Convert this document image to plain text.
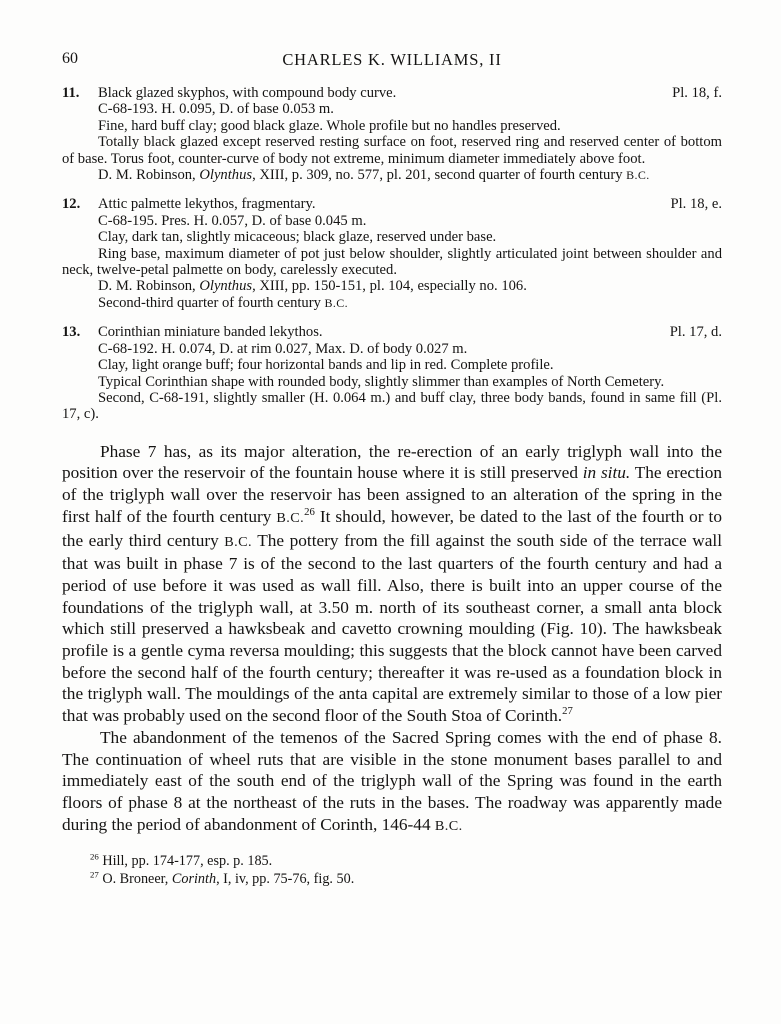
60	CHARLES K. WILLIAMS, II
11.	Black glazed skyphos, with compound body curve.	Pl. 18, f.

C-68-193. H. 0.095, D. of base 0.053 m.

Fine, hard buff clay; good black glaze. Whole profile but no handles preserved.

Totally black glazed except reserved resting surface on foot, reserved ring and reserved center of bottom of base. Torus foot, counter-curve of body not extreme, minimum diameter immediately above foot.

D. M. Robinson, Olynthus, XIII, p. 309, no. 577, pl. 201, second quarter of fourth century B.C.

12.	Attic palmette lekythos, fragmentary.	Pl. 18, e.

C-68-195. Pres. H. 0.057, D. of base 0.045 m.

Clay, dark tan, slightly micaceous; black glaze, reserved under base.

Ring base, maximum diameter of pot just below shoulder, slightly articulated joint between shoulder and neck, twelve-petal palmette on body, carelessly executed.

D. M. Robinson, Olynthus, XIII, pp. 150-151, pl. 104, especially no. 106.

Second-third quarter of fourth century B.C.

13.	Corinthian miniature banded lekythos.	Pl. 17, d.

C-68-192. H. 0.074, D. at rim 0.027, Max. D. of body 0.027 m.

Clay, light orange buff; four horizontal bands and lip in red. Complete profile.

Typical Corinthian shape with rounded body, slightly slimmer than examples of North Cemetery.

Second, C-68-191, slightly smaller (H. 0.064 m.) and buff clay, three body bands, found in same fill (Pl. 17, c).

Phase 7 has, as its major alteration, the re-erection of an early triglyph wall into the position over the reservoir of the fountain house where it is still preserved in situ. The erection of the triglyph wall over the reservoir has been assigned to an alteration of the spring in the first half of the fourth century B.C.$^{26}$ It should, however, be dated to the last of the fourth or to the early third century B.C. The pottery from the fill against the south side of the terrace wall that was built in phase 7 is of the second to the last quarters of the fourth century and had a period of use before it was used as wall fill. Also, there is built into an upper course of the foundations of the triglyph wall, at 3.50 m. north of its southeast corner, a small anta block which still preserved a hawksbeak and cavetto crowning moulding (Fig. 10). The hawksbeak profile is a gentle cyma reversa moulding; this suggests that the block cannot have been carved before the second half of the fourth century; thereafter it was re-used as a foundation block in the triglyph wall. The mouldings of the anta capital are extremely similar to those of a low pier that was probably used on the second floor of the South Stoa of Corinth.$^{27}$

The abandonment of the temenos of the Sacred Spring comes with the end of phase 8. The continuation of wheel ruts that are visible in the stone monument bases parallel to and immediately east of the south end of the triglyph wall of the Spring was found in the earth floors of phase 8 at the northeast of the ruts in the bases. The roadway was apparently made during the period of abandonment of Corinth, 146-44 B.C.

$^{26}$ Hill, pp. 174-177, esp. p. 185.

$^{27}$ O. Broneer, Corinth, I, iv, pp. 75-76, fig. 50.
